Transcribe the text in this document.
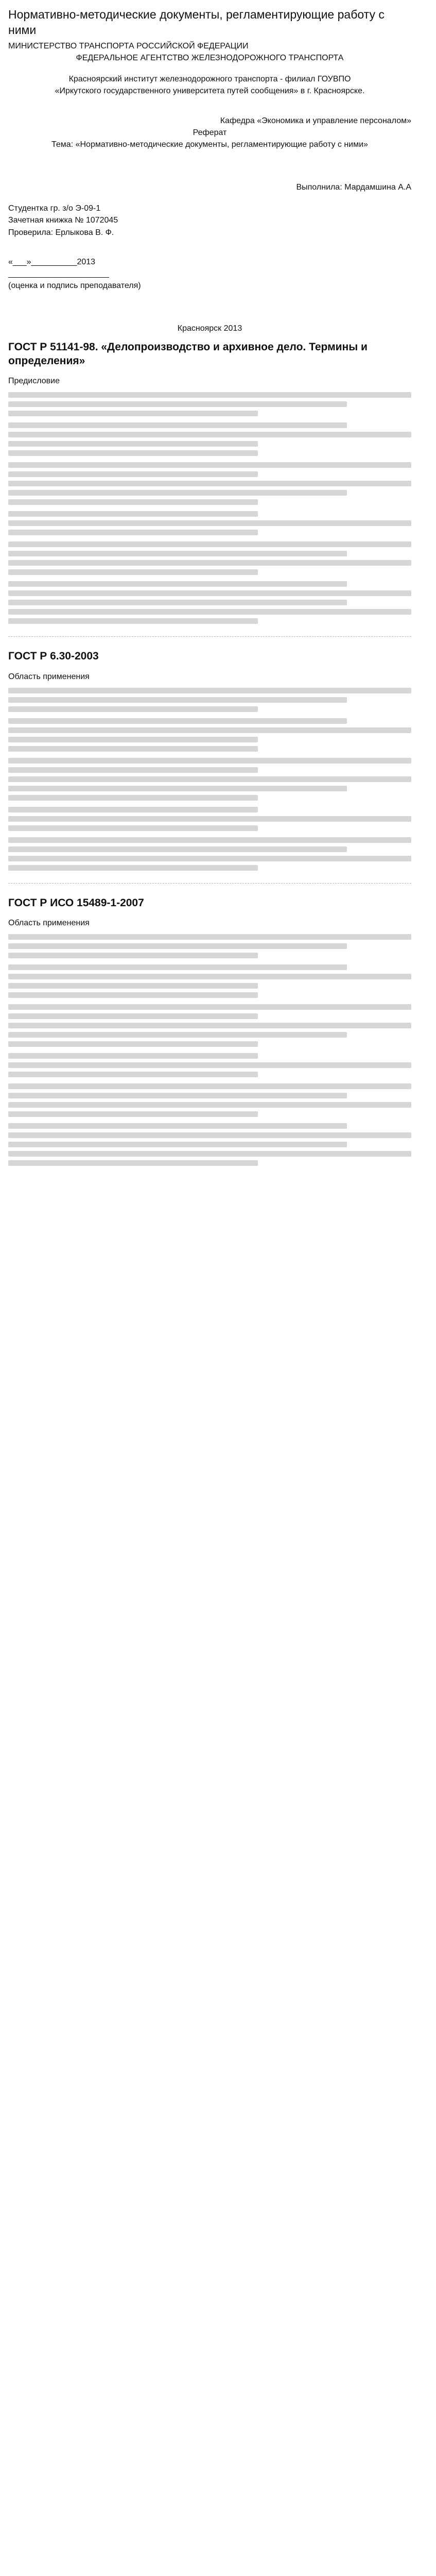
Нормативно-методические документы, регламентирующие работу с ними

МИНИСТЕРСТВО ТРАНСПОРТА РОССИЙСКОЙ ФЕДЕРАЦИИ

ФЕДЕРАЛЬНОЕ АГЕНТСТВО ЖЕЛЕЗНОДОРОЖНОГО ТРАНСПОРТА

Красноярский институт железнодорожного транспорта - филиал ГОУВПО

«Иркутского государственного университета путей сообщения» в г. Красноярске.

Кафедра «Экономика и управление персоналом»

Реферат

Тема: «Нормативно-методические документы, регламентирующие работу с ними»

Выполнила: Мардамшина А.А

Студентка гр. з/о Э-09-1

Зачетная книжка № 1072045

Проверила: Ерлыкова В. Ф.

«___»__________2013

______________________

(оценка и подпись преподавателя)

Красноярск 2013

ГОСТ Р 51141-98. «Делопроизводство и архивное дело. Термины и определения»

Предисловие

ГОСТ Р 6.30-2003

Область применения

ГОСТ Р ИСО 15489-1-2007

Область применения
